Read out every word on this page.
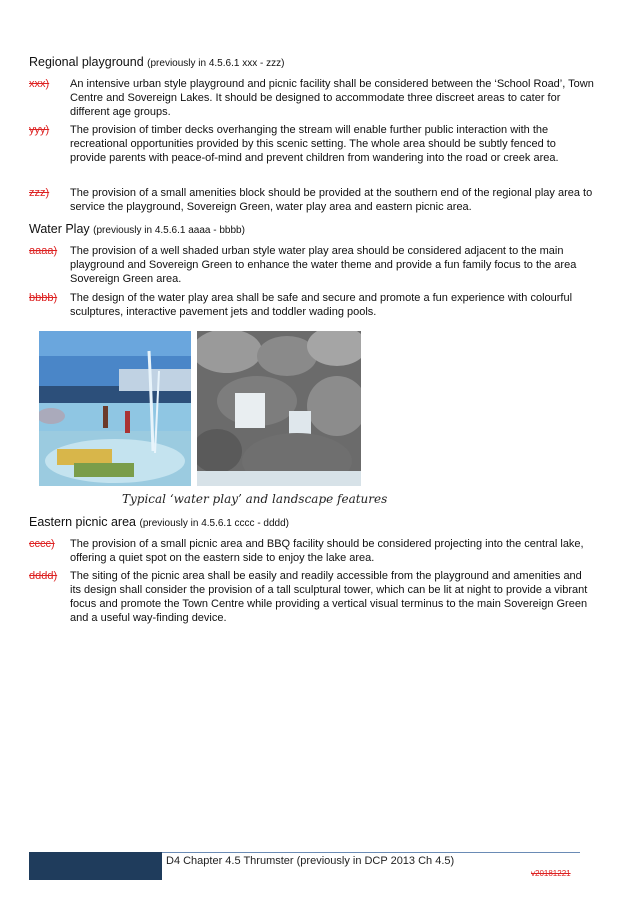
Regional playground (previously in 4.5.6.1 xxx - zzz)
xxx) An intensive urban style playground and picnic facility shall be considered between the ‘School Road’, Town Centre and Sovereign Lakes. It should be designed to accommodate three discreet areas to cater for different age groups.
yyy) The provision of timber decks overhanging the stream will enable further public interaction with the recreational opportunities provided by this scenic setting. The whole area should be subtly fenced to provide parents with peace-of-mind and prevent children from wandering into the road or creek area.
zzz) The provision of a small amenities block should be provided at the southern end of the regional play area to service the playground, Sovereign Green, water play area and eastern picnic area.
Water Play (previously in 4.5.6.1 aaaa - bbbb)
aaaa) The provision of a well shaded urban style water play area should be considered adjacent to the main playground and Sovereign Green to enhance the water theme and provide a fun family focus to the area Sovereign Green area.
bbbb) The design of the water play area shall be safe and secure and promote a fun experience with colourful sculptures, interactive pavement jets and toddler wading pools.
Typical ‘water play’ and landscape features
Eastern picnic area (previously in 4.5.6.1 cccc - dddd)
cccc) The provision of a small picnic area and BBQ facility should be considered projecting into the central lake, offering a quiet spot on the eastern side to enjoy the lake area.
dddd) The siting of the picnic area shall be easily and readily accessible from the playground and amenities and its design shall consider the provision of a tall sculptural tower, which can be lit at night to provide a vibrant focus and promote the Town Centre while providing a vertical visual terminus to the main Sovereign Green and a useful way-finding device.
D4 Chapter 4.5 Thrumster (previously in DCP 2013 Ch 4.5)
v20181221
